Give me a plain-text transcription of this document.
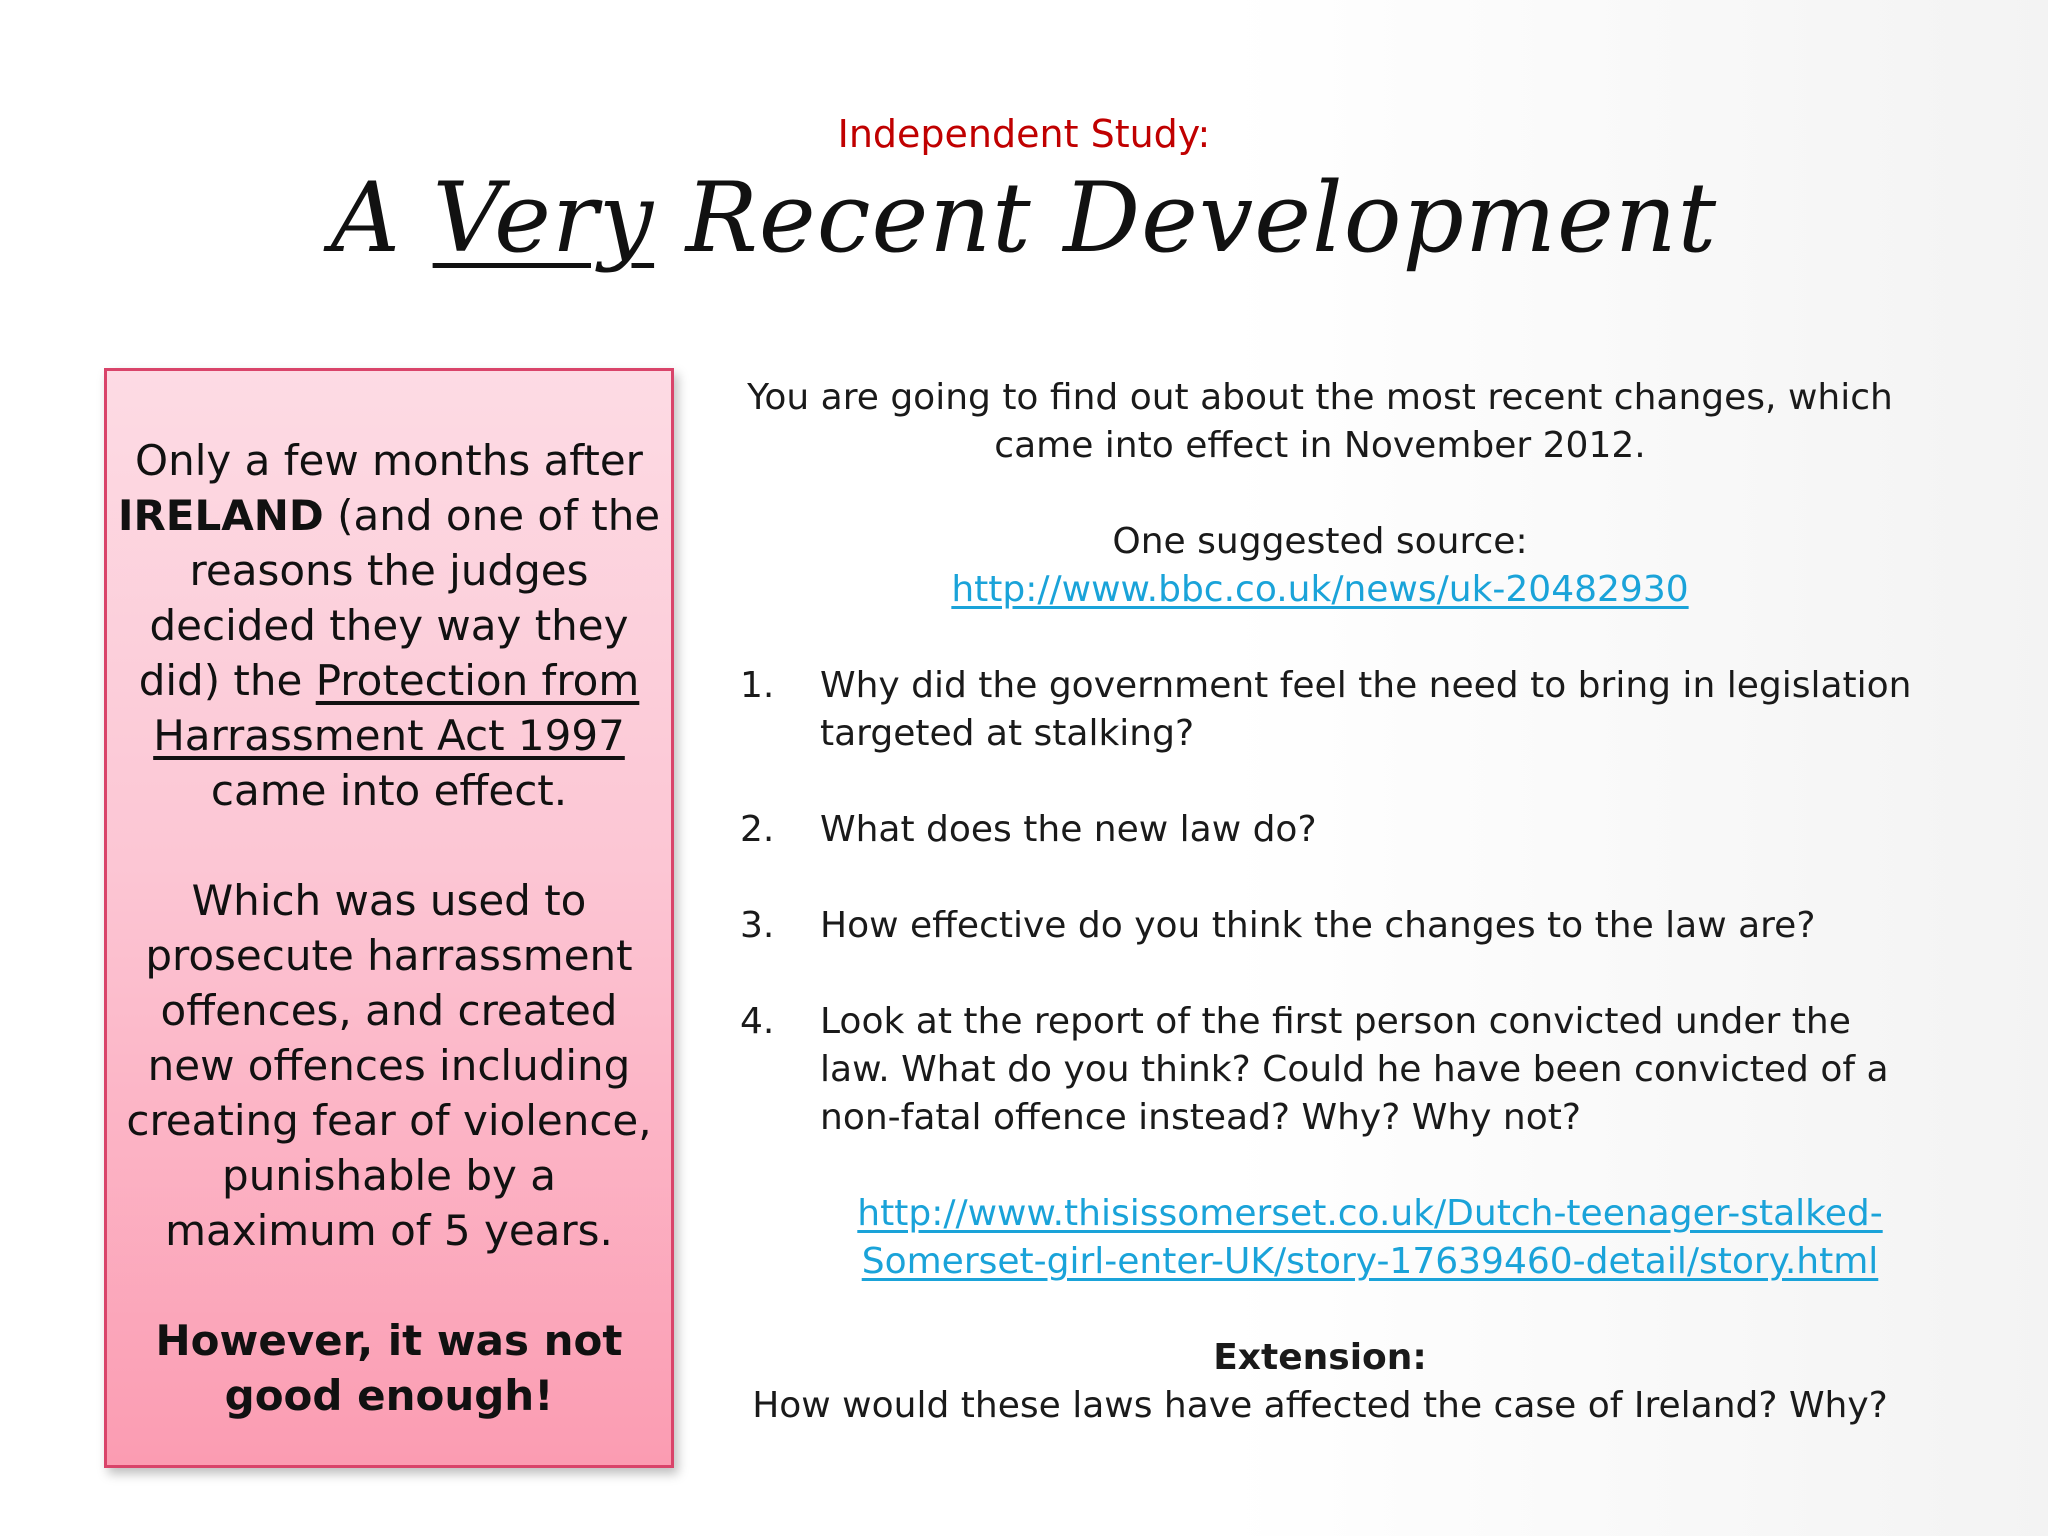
Independent Study:
A Very Recent Development

Only a few months after IRELAND (and one of the reasons the judges decided they way they did) the Protection from Harrassment Act 1997 came into effect.

Which was used to prosecute harrassment offences, and created new offences including creating fear of violence, punishable by a maximum of 5 years.

However, it was not good enough!

You are going to find out about the most recent changes, which came into effect in November 2012.

One suggested source:
http://www.bbc.co.uk/news/uk-20482930
1. Why did the government feel the need to bring in legislation targeted at stalking?
2. What does the new law do?
3. How effective do you think the changes to the law are?
4. Look at the report of the first person convicted under the law. What do you think? Could he have been convicted of a non-fatal offence instead? Why? Why not?
http://www.thisissomerset.co.uk/Dutch-teenager-stalked-Somerset-girl-enter-UK/story-17639460-detail/story.html

Extension:

How would these laws have affected the case of Ireland? Why?
